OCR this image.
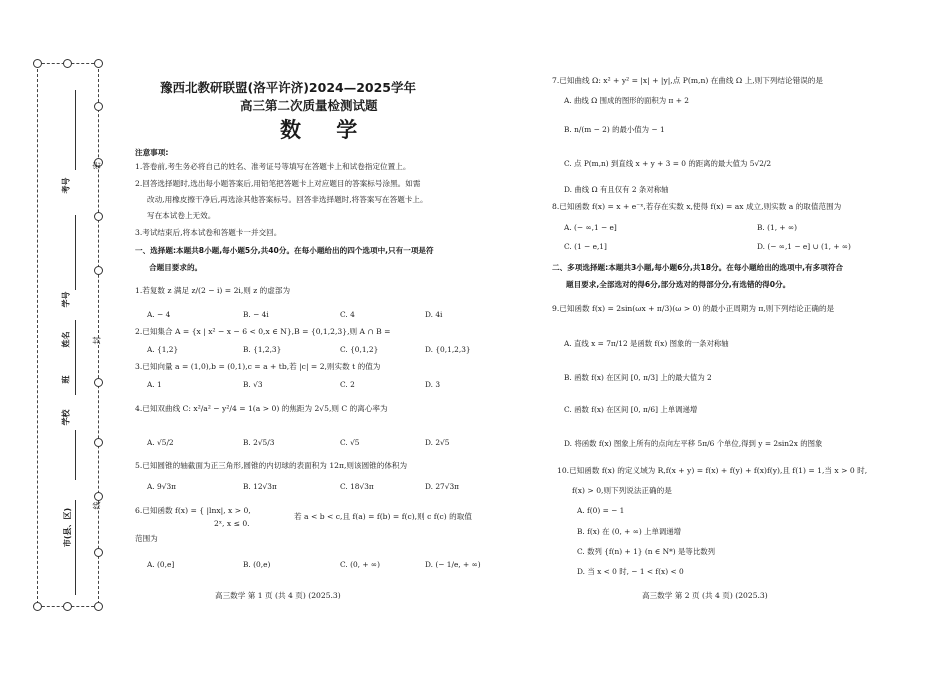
考号
学号
姓名
班
学校
市(县、区)
密
封
线
豫西北教研联盟(洛平许济)2024—2025学年
高三第二次质量检测试题
数 学
注意事项:
1.答卷前,考生务必将自己的姓名、准考证号等填写在答题卡上和试卷指定位置上。
2.回答选择题时,选出每小题答案后,用铅笔把答题卡上对应题目的答案标号涂黑。如需
改动,用橡皮擦干净后,再选涂其他答案标号。回答非选择题时,将答案写在答题卡上。
写在本试卷上无效。
3.考试结束后,将本试卷和答题卡一并交回。
一、选择题:本题共8小题,每小题5分,共40分。在每小题给出的四个选项中,只有一项是符
合题目要求的。
1.若复数 z 满足 z/(2 − i) = 2i,则 z 的虚部为
A. − 4	B. − 4i	C. 4	D. 4i
2.已知集合 A = {x | x² − x − 6 < 0,x ∈ N},B = {0,1,2,3},则 A ∩ B =
A. {1,2}	B. {1,2,3}	C. {0,1,2}	D. {0,1,2,3}
3.已知向量 a = (1,0),b = (0,1),c = a + tb,若 |c| = 2,则实数 t 的值为
A. 1	B. √3	C. 2	D. 3
4.已知双曲线 C: x²/a² − y²/4 = 1(a > 0) 的焦距为 2√5,则 C 的离心率为
A. √5/2	B. 2√5/3	C. √5	D. 2√5
5.已知圆锥的轴截面为正三角形,圆锥的内切球的表面积为 12π,则该圆锥的体积为
A. 9√3π	B. 12√3π	C. 18√3π	D. 27√3π
6.已知函数 f(x) = { |lnx|, x > 0,
2ˣ, x ≤ 0.
若 a < b < c,且 f(a) = f(b) = f(c),则 c f(c) 的取值
范围为
A. (0,e]	B. (0,e)	C. (0, + ∞)	D. (− 1/e, + ∞)
高三数学 第 1 页 (共 4 页) (2025.3)
7.已知曲线 Ω: x² + y² = |x| + |y|,点 P(m,n) 在曲线 Ω 上,则下列结论错误的是
A. 曲线 Ω 围成的图形的面积为 π + 2
B. n/(m − 2) 的最小值为 − 1
C. 点 P(m,n) 到直线 x + y + 3 = 0 的距离的最大值为 5√2/2
D. 曲线 Ω 有且仅有 2 条对称轴
8.已知函数 f(x) = x + e⁻ˣ,若存在实数 x,使得 f(x) = ax 成立,则实数 a 的取值范围为
A. (− ∞,1 − e]	B. (1, + ∞)
C. (1 − e,1]	D. (− ∞,1 − e] ∪ (1, + ∞)
二、多项选择题:本题共3小题,每小题6分,共18分。在每小题给出的选项中,有多项符合
题目要求,全部选对的得6分,部分选对的得部分分,有选错的得0分。
9.已知函数 f(x) = 2sin(ωx + π/3)(ω > 0) 的最小正周期为 π,则下列结论正确的是
A. 直线 x = 7π/12 是函数 f(x) 图象的一条对称轴
B. 函数 f(x) 在区间 [0, π/3] 上的最大值为 2
C. 函数 f(x) 在区间 [0, π/6] 上单调递增
D. 将函数 f(x) 图象上所有的点向左平移 5π/6 个单位,得到 y = 2sin2x 的图象
10.已知函数 f(x) 的定义域为 R,f(x + y) = f(x) + f(y) + f(x)f(y),且 f(1) = 1,当 x > 0 时,
f(x) > 0,则下列说法正确的是
A. f(0) = − 1
B. f(x) 在 (0, + ∞) 上单调递增
C. 数列 {f(n) + 1} (n ∈ N*) 是等比数列
D. 当 x < 0 时, − 1 < f(x) < 0
高三数学 第 2 页 (共 4 页) (2025.3)
